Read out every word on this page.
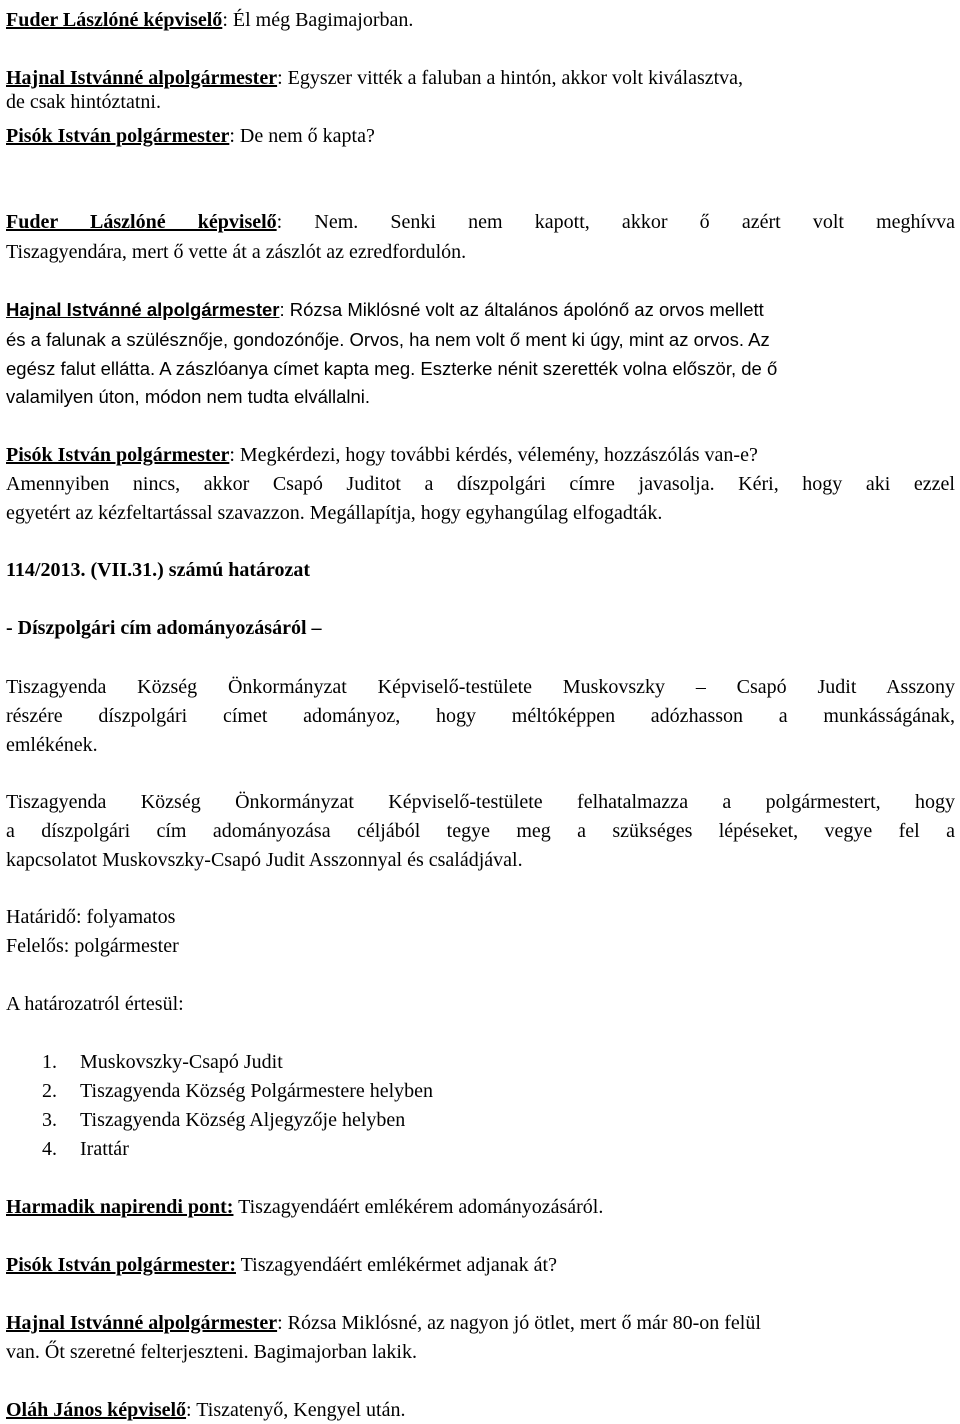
Fuder Lászlóné képviselő: Él még Bagimajorban.
Hajnal Istvánné alpolgármester: Egyszer vitték a faluban a hintón, akkor volt kiválasztva,
de csak hintóztatni.
Pisók István polgármester: De nem ő kapta?
Fuder Lászlóné képviselő: Nem. Senki nem kapott, akkor ő azért volt meghívva
Tiszagyendára, mert ő vette át a zászlót az ezredfordulón.
Hajnal Istvánné alpolgármester: Rózsa Miklósné volt az általános ápolónő az orvos mellett
és a falunak a szülésznője, gondozónője. Orvos, ha nem volt ő ment ki úgy, mint az orvos. Az
egész falut ellátta. A zászlóanya címet kapta meg. Eszterke nénit szerették volna először, de ő
valamilyen úton, módon nem tudta elvállalni.
Pisók István polgármester: Megkérdezi, hogy további kérdés, vélemény, hozzászólás van-e?
Amennyiben nincs, akkor Csapó Juditot a díszpolgári címre javasolja. Kéri, hogy aki ezzel
egyetért az kézfeltartással szavazzon. Megállapítja, hogy egyhangúlag elfogadták.
114/2013. (VII.31.) számú határozat
- Díszpolgári cím adományozásáról –
Tiszagyenda Község Önkormányzat Képviselő-testülete Muskovszky – Csapó Judit Asszony
részére díszpolgári címet adományoz, hogy méltóképpen adózhasson a munkásságának,
emlékének.
Tiszagyenda Község Önkormányzat Képviselő-testülete felhatalmazza a polgármestert, hogy
a díszpolgári cím adományozása céljából tegye meg a szükséges lépéseket, vegye fel a
kapcsolatot Muskovszky-Csapó Judit Asszonnyal és családjával.
Határidő: folyamatos
Felelős: polgármester
A határozatról értesül:
1. Muskovszky-Csapó Judit
2. Tiszagyenda Község Polgármestere helyben
3. Tiszagyenda Község Aljegyzője helyben
4. Irattár
Harmadik napirendi pont: Tiszagyendáért emlékérem adományozásáról.
Pisók István polgármester: Tiszagyendáért emlékérmet adjanak át?
Hajnal Istvánné alpolgármester: Rózsa Miklósné, az nagyon jó ötlet, mert ő már 80-on felül
van. Őt szeretné felterjeszteni. Bagimajorban lakik.
Oláh János képviselő: Tiszatenyő, Kengyel után.
